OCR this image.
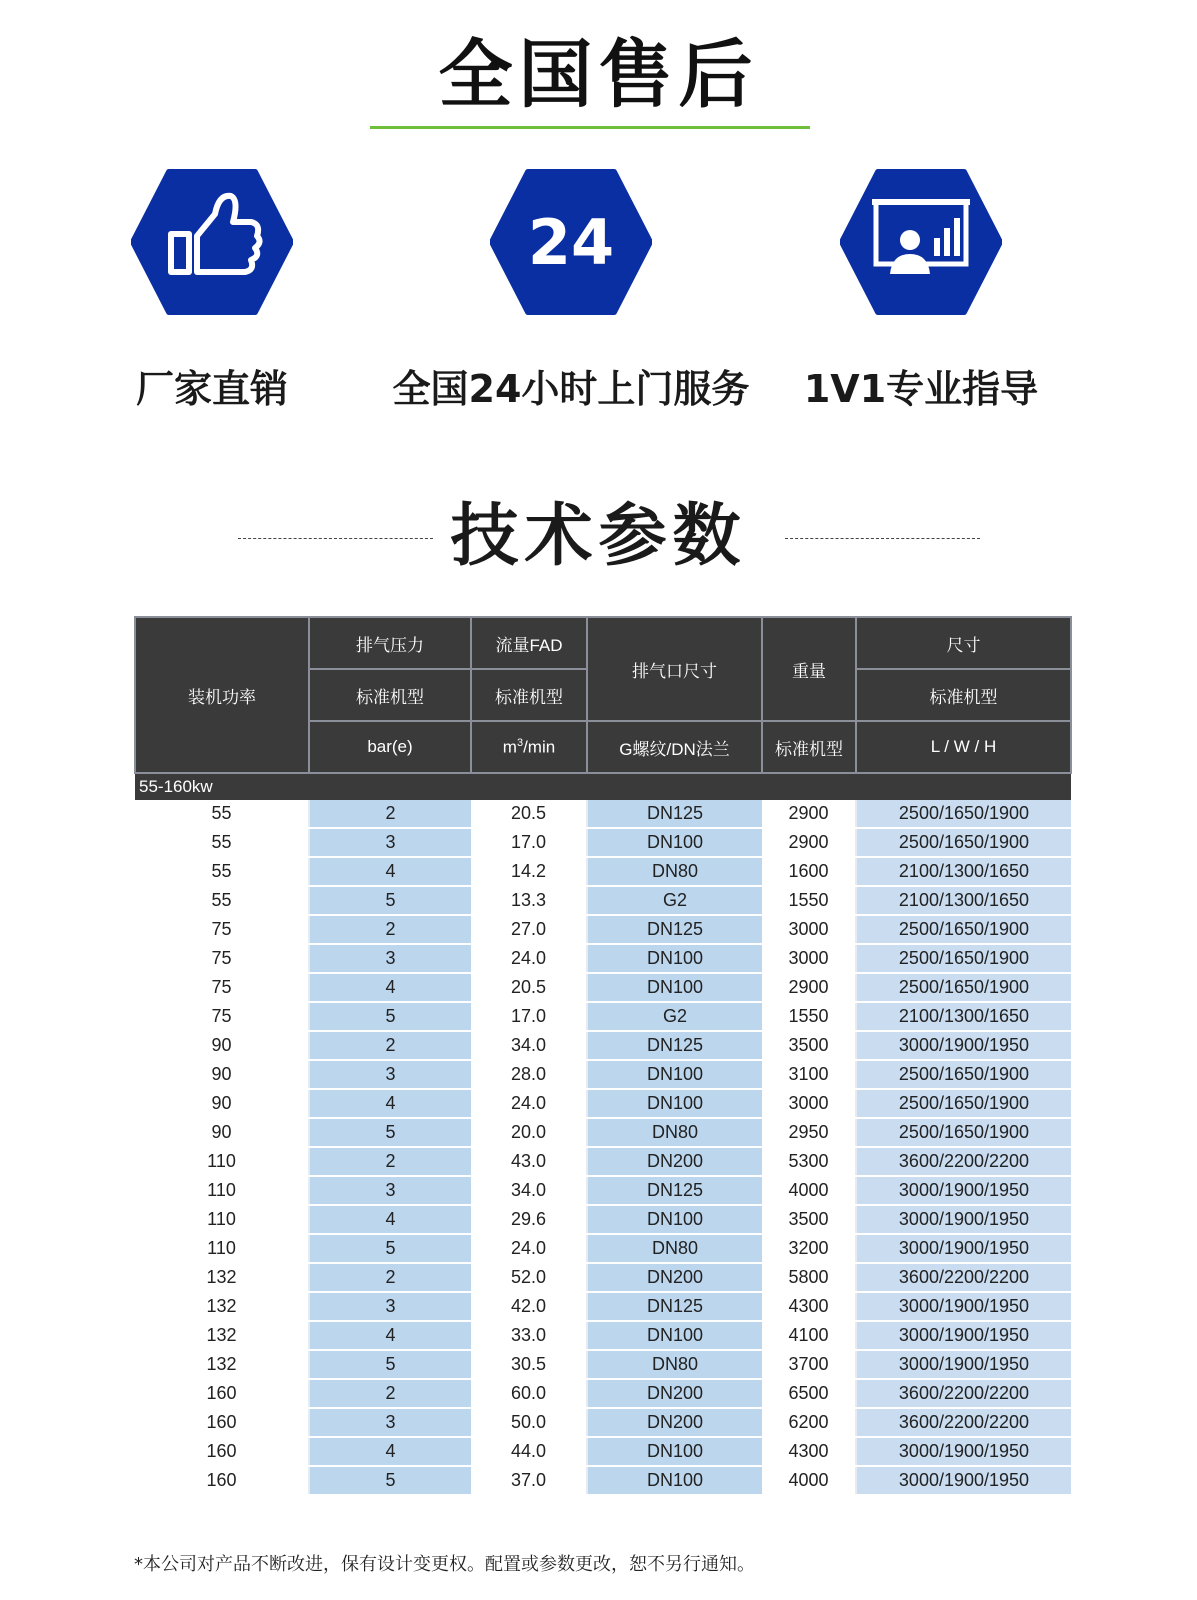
全国售后
厂家直销
24
全国24小时上门服务	1V1专业指导
技术参数
装机功率	排气压力	流量FAD	排气口尺寸	重量	尺寸
	标准机型	标准机型			标准机型
	bar(e)	$m^3/\min$	G螺纹/DN法兰	标准机型	L / W / H
55-160kw					
55	2	20.5	DN125	2900	2500/1650/1900
55	3	17.0	DN100	2900	2500/1650/1900
55	4	14.2	DN80	1600	2100/1300/1650
55	5	13.3	G2	1550	2100/1300/1650
75	2	27.0	DN125	3000	2500/1650/1900
75	3	24.0	DN100	3000	2500/1650/1900
75	4	20.5	DN100	2900	2500/1650/1900
75	5	17.0	G2	1550	2100/1300/1650
90	2	34.0	DN125	3500	3000/1900/1950
90	3	28.0	DN100	3100	2500/1650/1900
90	4	24.0	DN100	3000	2500/1650/1900
90	5	20.0	DN80	2950	2500/1650/1900
110	2	43.0	DN200	5300	3600/2200/2200
110	3	34.0	DN125	4000	3000/1900/1950
110	4	29.6	DN100	3500	3000/1900/1950
110	5	24.0	DN80	3200	3000/1900/1950
132	2	52.0	DN200	5800	3600/2200/2200
132	3	42.0	DN125	4300	3000/1900/1950
132	4	33.0	DN100	4100	3000/1900/1950
132	5	30.5	DN80	3700	3000/1900/1950
160	2	60.0	DN200	6500	3600/2200/2200
160	3	50.0	DN200	6200	3600/2200/2200
160	4	44.0	DN100	4300	3000/1900/1950
160	5	37.0	DN100	4000	3000/1900/1950
*本公司对产品不断改进，保有设计变更权。配置或参数更改，恕不另行通知。
